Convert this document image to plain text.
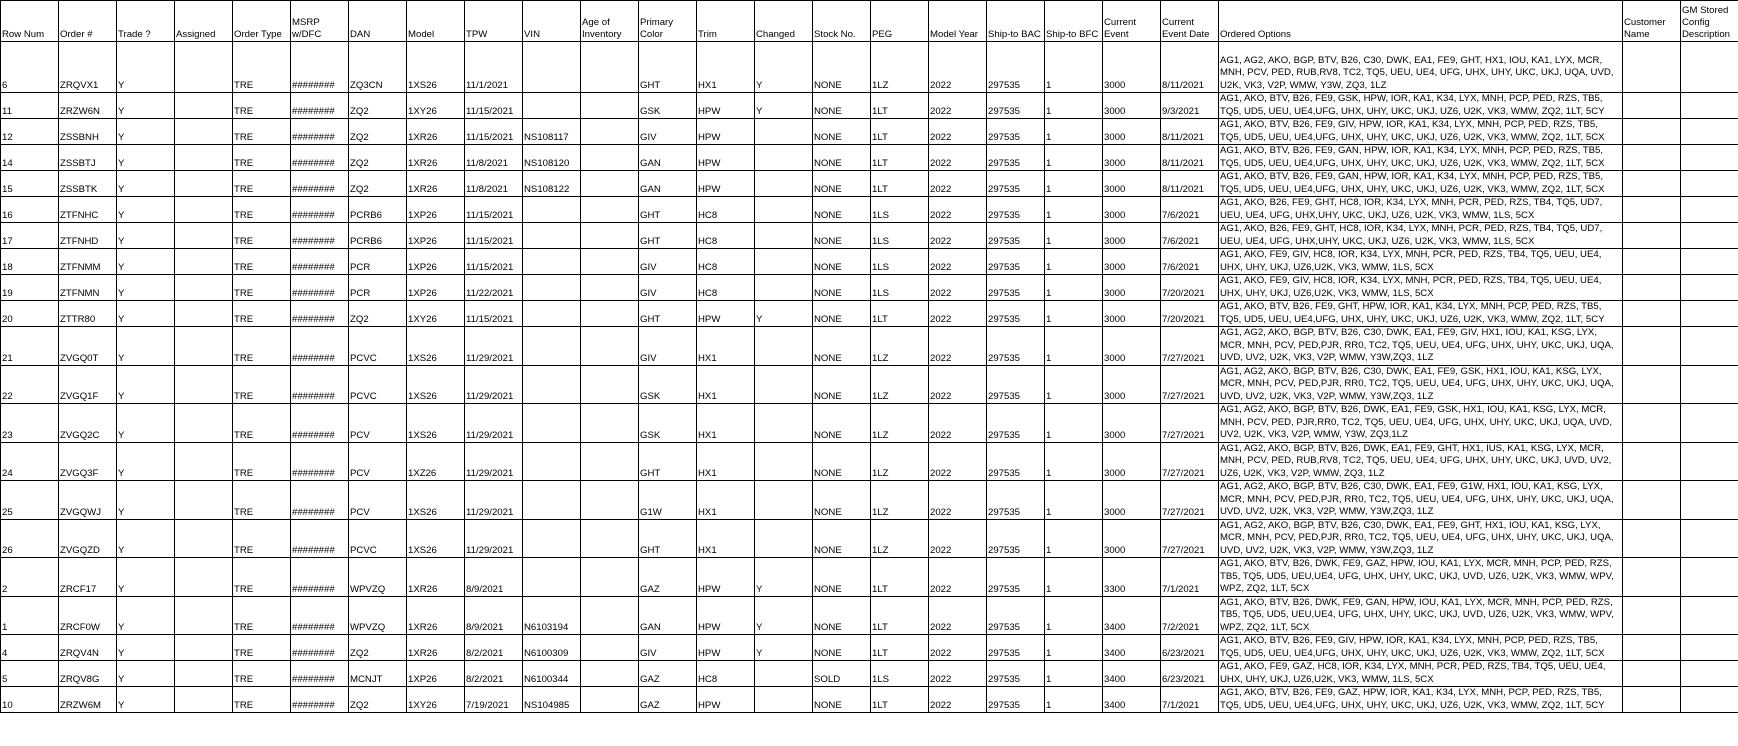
Row Num	Order #	Trade ?	Assigned	Order Type	MSRP w/DFC	DAN	Model	TPW	VIN	Age of Inventory	Primary Color	Trim	Changed	Stock No.	PEG	Model Year	Ship-to BAC	Ship-to BFC	Current Event	Current Event Date	Ordered Options	Customer Name	GM Stored Config Description
6	ZRQVX1	Y		TRE	########	ZQ3CN	1XS26	11/1/2021			GHT	HX1	Y	NONE	1LZ	2022	297535	1	3000	8/11/2021	AG1, AG2, AKO, BGP, BTV, B26, C30, DWK, EA1, FE9, GHT, HX1, IOU, KA1, LYX, MCR, MNH, PCV, PED, RUB,RV8, TC2, TQ5, UEU, UE4, UFG, UHX, UHY, UKC, UKJ, UQA, UVD, U2K, VK3, V2P, WMW, Y3W, ZQ3, 1LZ		
11	ZRZW6N	Y		TRE	########	ZQ2	1XY26	11/15/2021			GSK	HPW	Y	NONE	1LT	2022	297535	1	3000	9/3/2021	AG1, AKO, BTV, B26, FE9, GSK, HPW, IOR, KA1, K34, LYX, MNH, PCP, PED, RZS, TB5, TQ5, UD5, UEU, UE4,UFG, UHX, UHY, UKC, UKJ, UZ6, U2K, VK3, WMW, ZQ2, 1LT, 5CY		
12	ZSSBNH	Y		TRE	########	ZQ2	1XR26	11/15/2021	NS108117		GIV	HPW		NONE	1LT	2022	297535	1	3000	8/11/2021	AG1, AKO, BTV, B26, FE9, GIV, HPW, IOR, KA1, K34, LYX, MNH, PCP, PED, RZS, TB5, TQ5, UD5, UEU, UE4,UFG, UHX, UHY, UKC, UKJ, UZ6, U2K, VK3, WMW, ZQ2, 1LT, 5CX		
14	ZSSBTJ	Y		TRE	########	ZQ2	1XR26	11/8/2021	NS108120		GAN	HPW		NONE	1LT	2022	297535	1	3000	8/11/2021	AG1, AKO, BTV, B26, FE9, GAN, HPW, IOR, KA1, K34, LYX, MNH, PCP, PED, RZS, TB5, TQ5, UD5, UEU, UE4,UFG, UHX, UHY, UKC, UKJ, UZ6, U2K, VK3, WMW, ZQ2, 1LT, 5CX		
15	ZSSBTK	Y		TRE	########	ZQ2	1XR26	11/8/2021	NS108122		GAN	HPW		NONE	1LT	2022	297535	1	3000	8/11/2021	AG1, AKO, BTV, B26, FE9, GAN, HPW, IOR, KA1, K34, LYX, MNH, PCP, PED, RZS, TB5, TQ5, UD5, UEU, UE4,UFG, UHX, UHY, UKC, UKJ, UZ6, U2K, VK3, WMW, ZQ2, 1LT, 5CX		
16	ZTFNHC	Y		TRE	########	PCRB6	1XP26	11/15/2021			GHT	HC8		NONE	1LS	2022	297535	1	3000	7/6/2021	AG1, AKO, B26, FE9, GHT, HC8, IOR, K34, LYX, MNH, PCR, PED, RZS, TB4, TQ5, UD7, UEU, UE4, UFG, UHX,UHY, UKC, UKJ, UZ6, U2K, VK3, WMW, 1LS, 5CX		
17	ZTFNHD	Y		TRE	########	PCRB6	1XP26	11/15/2021			GHT	HC8		NONE	1LS	2022	297535	1	3000	7/6/2021	AG1, AKO, B26, FE9, GHT, HC8, IOR, K34, LYX, MNH, PCR, PED, RZS, TB4, TQ5, UD7, UEU, UE4, UFG, UHX,UHY, UKC, UKJ, UZ6, U2K, VK3, WMW, 1LS, 5CX		
18	ZTFNMM	Y		TRE	########	PCR	1XP26	11/15/2021			GIV	HC8		NONE	1LS	2022	297535	1	3000	7/6/2021	AG1, AKO, FE9, GIV, HC8, IOR, K34, LYX, MNH, PCR, PED, RZS, TB4, TQ5, UEU, UE4, UHX, UHY, UKJ, UZ6,U2K, VK3, WMW, 1LS, 5CX		
19	ZTFNMN	Y		TRE	########	PCR	1XP26	11/22/2021			GIV	HC8		NONE	1LS	2022	297535	1	3000	7/20/2021	AG1, AKO, FE9, GIV, HC8, IOR, K34, LYX, MNH, PCR, PED, RZS, TB4, TQ5, UEU, UE4, UHX, UHY, UKJ, UZ6,U2K, VK3, WMW, 1LS, 5CX		
20	ZTTR80	Y		TRE	########	ZQ2	1XY26	11/15/2021			GHT	HPW	Y	NONE	1LT	2022	297535	1	3000	7/20/2021	AG1, AKO, BTV, B26, FE9, GHT, HPW, IOR, KA1, K34, LYX, MNH, PCP, PED, RZS, TB5, TQ5, UD5, UEU, UE4,UFG, UHX, UHY, UKC, UKJ, UZ6, U2K, VK3, WMW, ZQ2, 1LT, 5CY		
21	ZVGQ0T	Y		TRE	########	PCVC	1XS26	11/29/2021			GIV	HX1		NONE	1LZ	2022	297535	1	3000	7/27/2021	AG1, AG2, AKO, BGP, BTV, B26, C30, DWK, EA1, FE9, GIV, HX1, IOU, KA1, KSG, LYX, MCR, MNH, PCV, PED,PJR, RR0, TC2, TQ5, UEU, UE4, UFG, UHX, UHY, UKC, UKJ, UQA, UVD, UV2, U2K, VK3, V2P, WMW, Y3W,ZQ3, 1LZ		
22	ZVGQ1F	Y		TRE	########	PCVC	1XS26	11/29/2021			GSK	HX1		NONE	1LZ	2022	297535	1	3000	7/27/2021	AG1, AG2, AKO, BGP, BTV, B26, C30, DWK, EA1, FE9, GSK, HX1, IOU, KA1, KSG, LYX, MCR, MNH, PCV, PED,PJR, RR0, TC2, TQ5, UEU, UE4, UFG, UHX, UHY, UKC, UKJ, UQA, UVD, UV2, U2K, VK3, V2P, WMW, Y3W,ZQ3, 1LZ		
23	ZVGQ2C	Y		TRE	########	PCV	1XS26	11/29/2021			GSK	HX1		NONE	1LZ	2022	297535	1	3000	7/27/2021	AG1, AG2, AKO, BGP, BTV, B26, DWK, EA1, FE9, GSK, HX1, IOU, KA1, KSG, LYX, MCR, MNH, PCV, PED, PJR,RR0, TC2, TQ5, UEU, UE4, UFG, UHX, UHY, UKC, UKJ, UQA, UVD, UV2, U2K, VK3, V2P, WMW, Y3W, ZQ3,1LZ		
24	ZVGQ3F	Y		TRE	########	PCV	1XZ26	11/29/2021			GHT	HX1		NONE	1LZ	2022	297535	1	3000	7/27/2021	AG1, AG2, AKO, BGP, BTV, B26, DWK, EA1, FE9, GHT, HX1, IUS, KA1, KSG, LYX, MCR, MNH, PCV, PED, RUB,RV8, TC2, TQ5, UEU, UE4, UFG, UHX, UHY, UKC, UKJ, UVD, UV2, UZ6, U2K, VK3, V2P, WMW, ZQ3, 1LZ		
25	ZVGQWJ	Y		TRE	########	PCV	1XS26	11/29/2021			G1W	HX1		NONE	1LZ	2022	297535	1	3000	7/27/2021	AG1, AG2, AKO, BGP, BTV, B26, C30, DWK, EA1, FE9, G1W, HX1, IOU, KA1, KSG, LYX, MCR, MNH, PCV, PED,PJR, RR0, TC2, TQ5, UEU, UE4, UFG, UHX, UHY, UKC, UKJ, UQA, UVD, UV2, U2K, VK3, V2P, WMW, Y3W,ZQ3, 1LZ		
26	ZVGQZD	Y		TRE	########	PCVC	1XS26	11/29/2021			GHT	HX1		NONE	1LZ	2022	297535	1	3000	7/27/2021	AG1, AG2, AKO, BGP, BTV, B26, C30, DWK, EA1, FE9, GHT, HX1, IOU, KA1, KSG, LYX, MCR, MNH, PCV, PED,PJR, RR0, TC2, TQ5, UEU, UE4, UFG, UHX, UHY, UKC, UKJ, UQA, UVD, UV2, U2K, VK3, V2P, WMW, Y3W,ZQ3, 1LZ		
2	ZRCF17	Y		TRE	########	WPVZQ	1XR26	8/9/2021			GAZ	HPW	Y	NONE	1LT	2022	297535	1	3300	7/1/2021	AG1, AKO, BTV, B26, DWK, FE9, GAZ, HPW, IOU, KA1, LYX, MCR, MNH, PCP, PED, RZS, TB5, TQ5, UD5, UEU,UE4, UFG, UHX, UHY, UKC, UKJ, UVD, UZ6, U2K, VK3, WMW, WPV, WPZ, ZQ2, 1LT, 5CX		
1	ZRCF0W	Y		TRE	########	WPVZQ	1XR26	8/9/2021	N6103194		GAN	HPW	Y	NONE	1LT	2022	297535	1	3400	7/2/2021	AG1, AKO, BTV, B26, DWK, FE9, GAN, HPW, IOU, KA1, LYX, MCR, MNH, PCP, PED, RZS, TB5, TQ5, UD5, UEU,UE4, UFG, UHX, UHY, UKC, UKJ, UVD, UZ6, U2K, VK3, WMW, WPV, WPZ, ZQ2, 1LT, 5CX		
4	ZRQV4N	Y		TRE	########	ZQ2	1XR26	8/2/2021	N6100309		GIV	HPW	Y	NONE	1LT	2022	297535	1	3400	6/23/2021	AG1, AKO, BTV, B26, FE9, GIV, HPW, IOR, KA1, K34, LYX, MNH, PCP, PED, RZS, TB5, TQ5, UD5, UEU, UE4,UFG, UHX, UHY, UKC, UKJ, UZ6, U2K, VK3, WMW, ZQ2, 1LT, 5CX		
5	ZRQV8G	Y		TRE	########	MCNJT	1XP26	8/2/2021	N6100344		GAZ	HC8		SOLD	1LS	2022	297535	1	3400	6/23/2021	AG1, AKO, FE9, GAZ, HC8, IOR, K34, LYX, MNH, PCR, PED, RZS, TB4, TQ5, UEU, UE4, UHX, UHY, UKJ, UZ6,U2K, VK3, WMW, 1LS, 5CX		
10	ZRZW6M	Y		TRE	########	ZQ2	1XY26	7/19/2021	NS104985		GAZ	HPW		NONE	1LT	2022	297535	1	3400	7/1/2021	AG1, AKO, BTV, B26, FE9, GAZ, HPW, IOR, KA1, K34, LYX, MNH, PCP, PED, RZS, TB5, TQ5, UD5, UEU, UE4,UFG, UHX, UHY, UKC, UKJ, UZ6, U2K, VK3, WMW, ZQ2, 1LT, 5CY		
